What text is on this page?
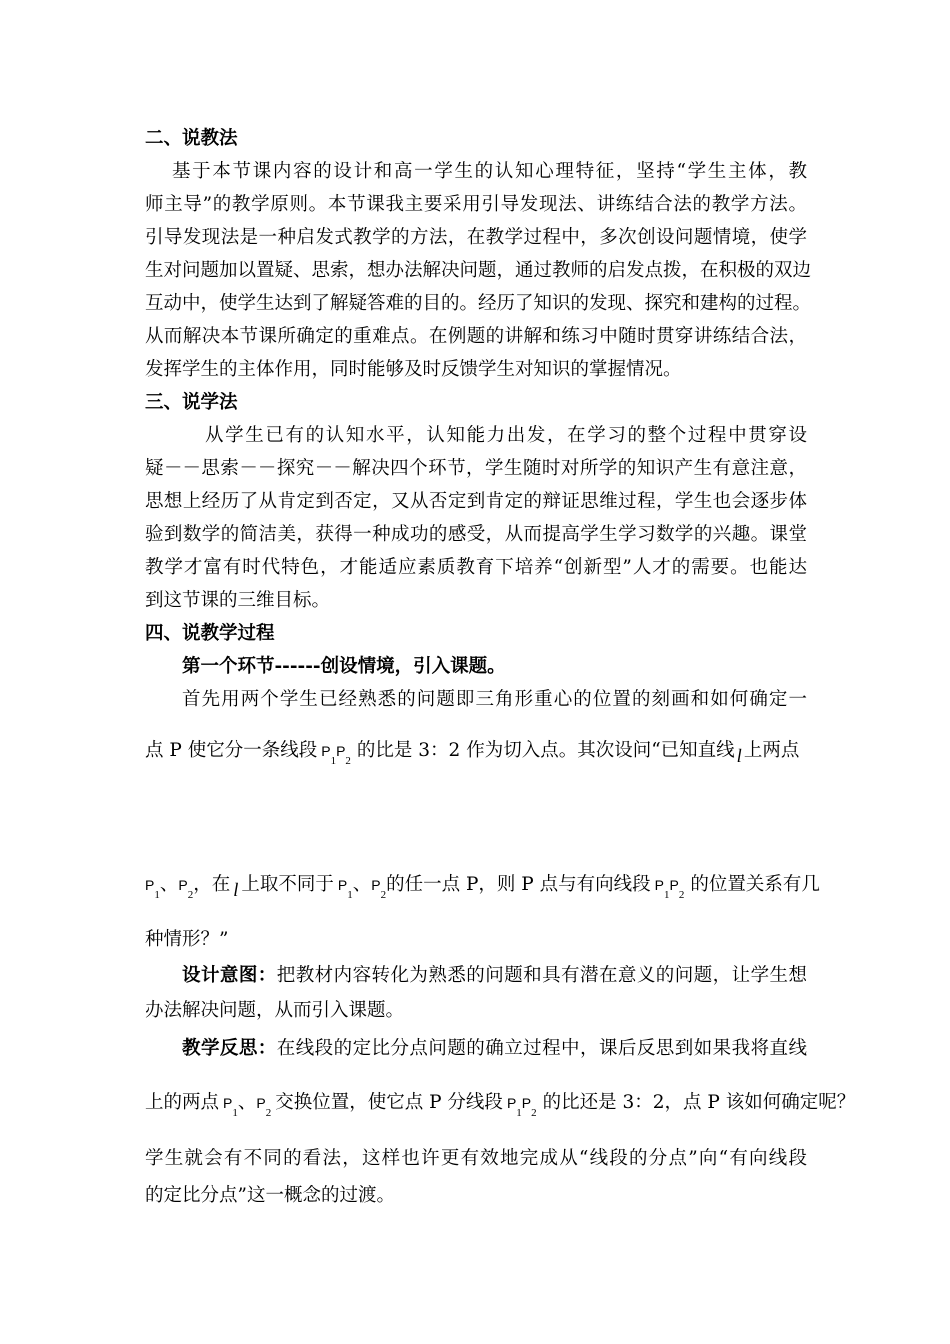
二、说教法
基于本节课内容的设计和高一学生的认知心理特征，坚持“学生主体，教
师主导”的教学原则。本节课我主要采用引导发现法、讲练结合法的教学方法。
引导发现法是一种启发式教学的方法，在教学过程中，多次创设问题情境，使学
生对问题加以置疑、思索，想办法解决问题，通过教师的启发点拨，在积极的双边
互动中，使学生达到了解疑答难的目的。经历了知识的发现、探究和建构的过程。
从而解决本节课所确定的重难点。在例题的讲解和练习中随时贯穿讲练结合法，
发挥学生的主体作用，同时能够及时反馈学生对知识的掌握情况。
三、说学法
从学生已有的认知水平，认知能力出发，在学习的整个过程中贯穿设
疑－－思索－－探究－－解决四个环节，学生随时对所学的知识产生有意注意，
思想上经历了从肯定到否定，又从否定到肯定的辩证思维过程，学生也会逐步体
验到数学的简洁美，获得一种成功的感受，从而提高学生学习数学的兴趣。课堂
教学才富有时代特色，才能适应素质教育下培养“创新型”人才的需要。也能达
到这节课的三维目标。
四、说教学过程
第一个环节------创设情境，引入课题。
首先用两个学生已经熟悉的问题即三角形重心的位置的刻画和如何确定一
点 P 使它分一条线段 $P_1P_2$ 的比是 3：2 作为切入点。其次设问“已知直线 l 上两点
$P_1$、$P_2$，在 l 上取不同于 $P_1$、$P_2$的任一点 P，则 P 点与有向线段 $P_1P_2$ 的位置关系有几
种情形？”
设计意图：把教材内容转化为熟悉的问题和具有潜在意义的问题，让学生想
办法解决问题，从而引入课题。
教学反思：在线段的定比分点问题的确立过程中，课后反思到如果我将直线
上的两点 $P_1$、$P_2$ 交换位置，使它点 P 分线段 $P_1P_2$ 的比还是 3：2，点 P 该如何确定呢？
学生就会有不同的看法，这样也许更有效地完成从“线段的分点”向“有向线段
的定比分点”这一概念的过渡。
